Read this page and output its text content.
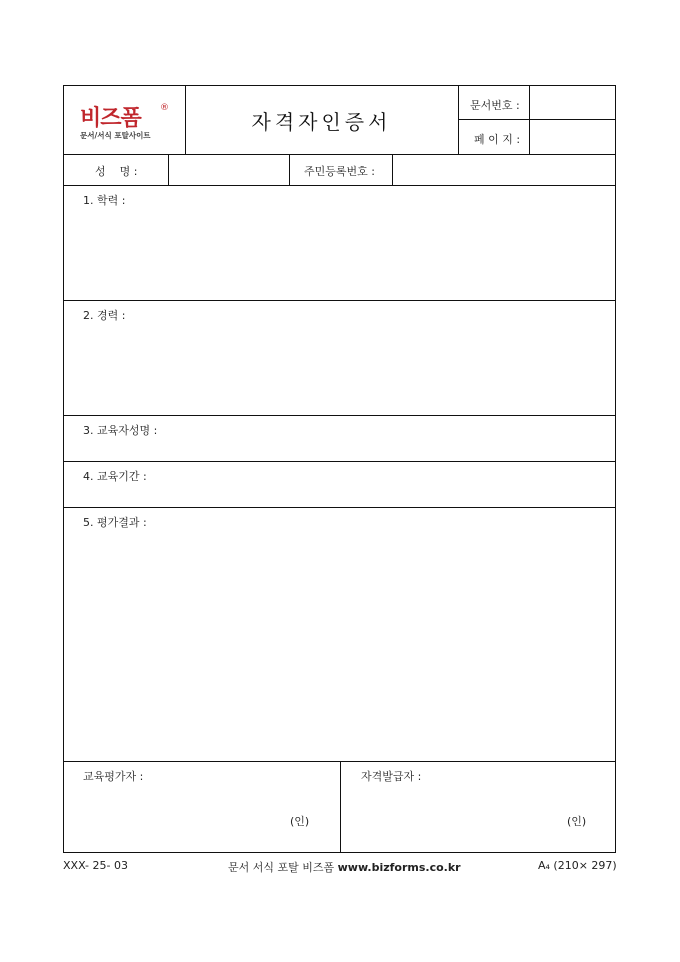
비즈폼 ®
문서/서식 포탈사이트
자격자인증서
문서번호 :
페 이 지 :
성    명 :	주민등록번호 :
1. 학력 :
2. 경력 :
3. 교육자성명 :
4. 교육기간 :
5. 평가결과 :
교육평가자 :
(인)
자격발급자 :
(인)
XXX- 25- 03	문서 서식 포탈 비즈폼 www.bizforms.co.kr	A₄ (210× 297)
